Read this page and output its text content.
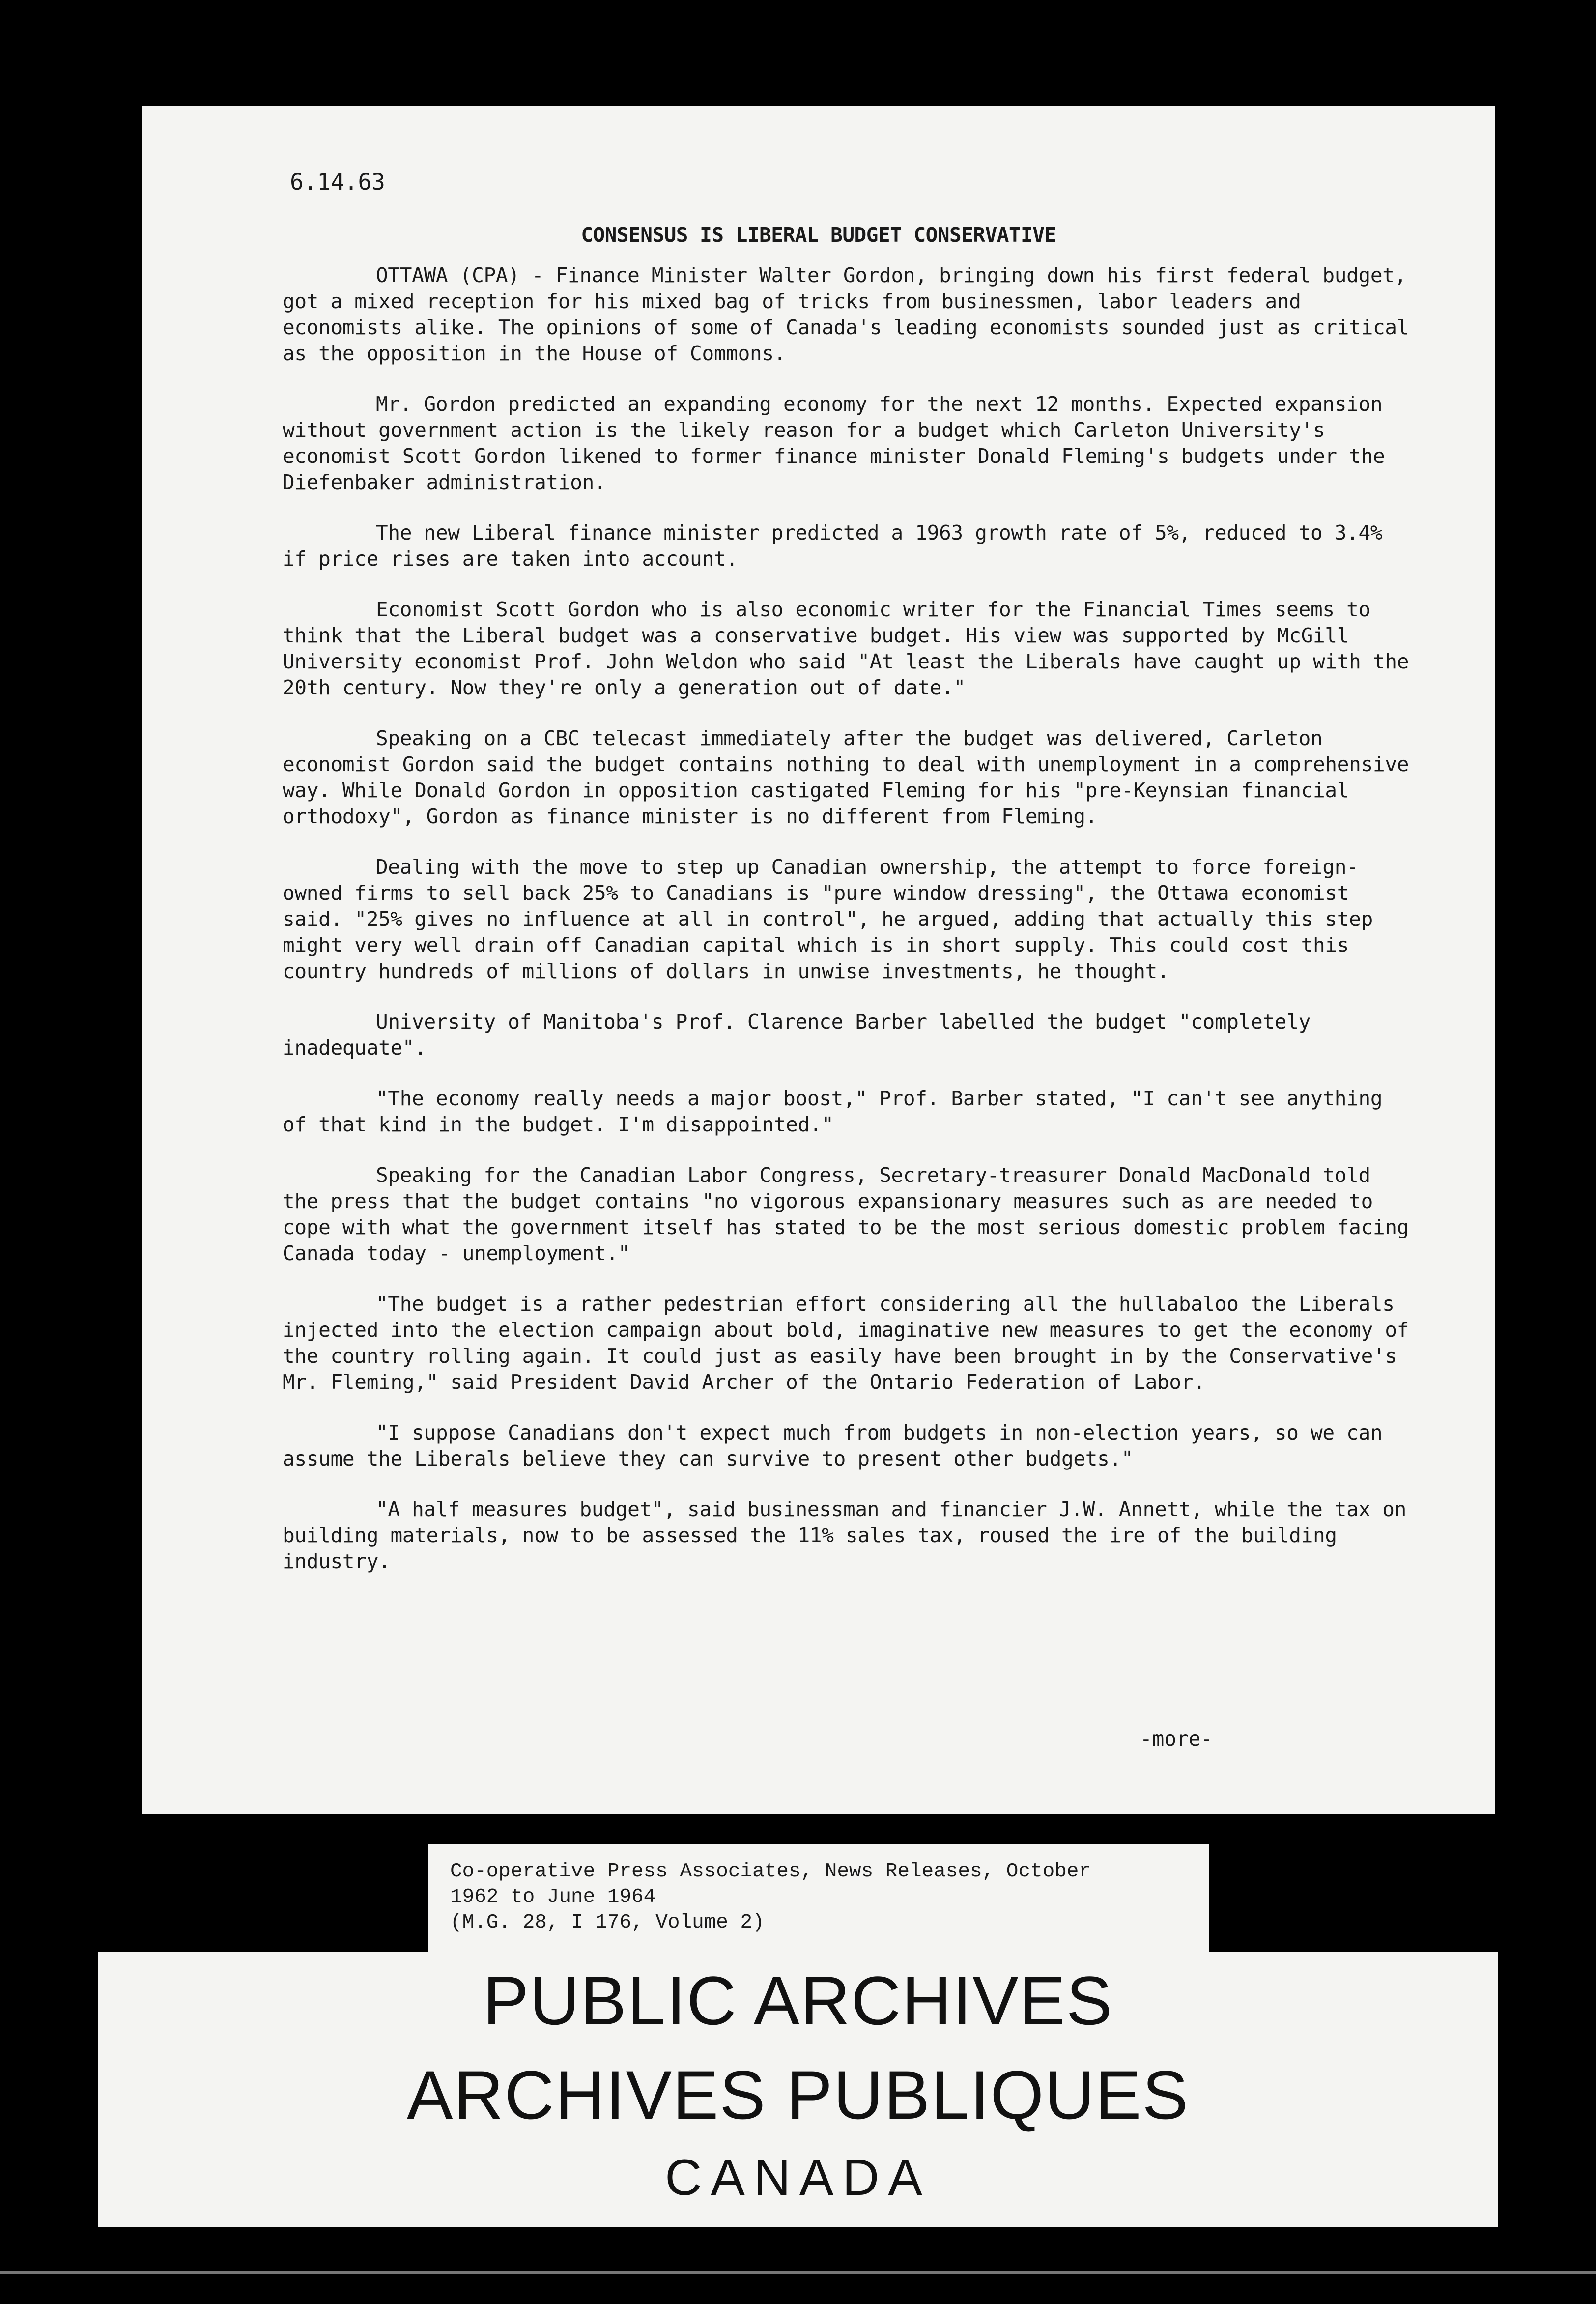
6.14.63
CONSENSUS IS LIBERAL BUDGET CONSERVATIVE

OTTAWA (CPA) - Finance Minister Walter Gordon, bringing down his first federal budget, got a mixed reception for his mixed bag of tricks from businessmen, labor leaders and economists alike. The opinions of some of Canada's leading economists sounded just as critical as the opposition in the House of Commons.

Mr. Gordon predicted an expanding economy for the next 12 months. Expected expansion without government action is the likely reason for a budget which Carleton University's economist Scott Gordon likened to former finance minister Donald Fleming's budgets under the Diefenbaker administration.

The new Liberal finance minister predicted a 1963 growth rate of 5%, reduced to 3.4% if price rises are taken into account.

Economist Scott Gordon who is also economic writer for the Financial Times seems to think that the Liberal budget was a conservative budget. His view was supported by McGill University economist Prof. John Weldon who said "At least the Liberals have caught up with the 20th century. Now they're only a generation out of date."

Speaking on a CBC telecast immediately after the budget was delivered, Carleton economist Gordon said the budget contains nothing to deal with unemployment in a comprehensive way. While Donald Gordon in opposition castigated Fleming for his "pre-Keynsian financial orthodoxy", Gordon as finance minister is no different from Fleming.

Dealing with the move to step up Canadian ownership, the attempt to force foreign-owned firms to sell back 25% to Canadians is "pure window dressing", the Ottawa economist said. "25% gives no influence at all in control", he argued, adding that actually this step might very well drain off Canadian capital which is in short supply. This could cost this country hundreds of millions of dollars in unwise investments, he thought.

University of Manitoba's Prof. Clarence Barber labelled the budget "completely inadequate".

"The economy really needs a major boost," Prof. Barber stated, "I can't see anything of that kind in the budget. I'm disappointed."

Speaking for the Canadian Labor Congress, Secretary-treasurer Donald MacDonald told the press that the budget contains "no vigorous expansionary measures such as are needed to cope with what the government itself has stated to be the most serious domestic problem facing Canada today - unemployment."

"The budget is a rather pedestrian effort considering all the hullabaloo the Liberals injected into the election campaign about bold, imaginative new measures to get the economy of the country rolling again. It could just as easily have been brought in by the Conservative's Mr. Fleming," said President David Archer of the Ontario Federation of Labor.

"I suppose Canadians don't expect much from budgets in non-election years, so we can assume the Liberals believe they can survive to present other budgets."

"A half measures budget", said businessman and financier J.W. Annett, while the tax on building materials, now to be assessed the 11% sales tax, roused the ire of the building industry.

-more-
Co-operative Press Associates, News Releases, October
1962 to June 1964
(M.G. 28, I 176, Volume 2)
PUBLIC ARCHIVES
ARCHIVES PUBLIQUES
CANADA
